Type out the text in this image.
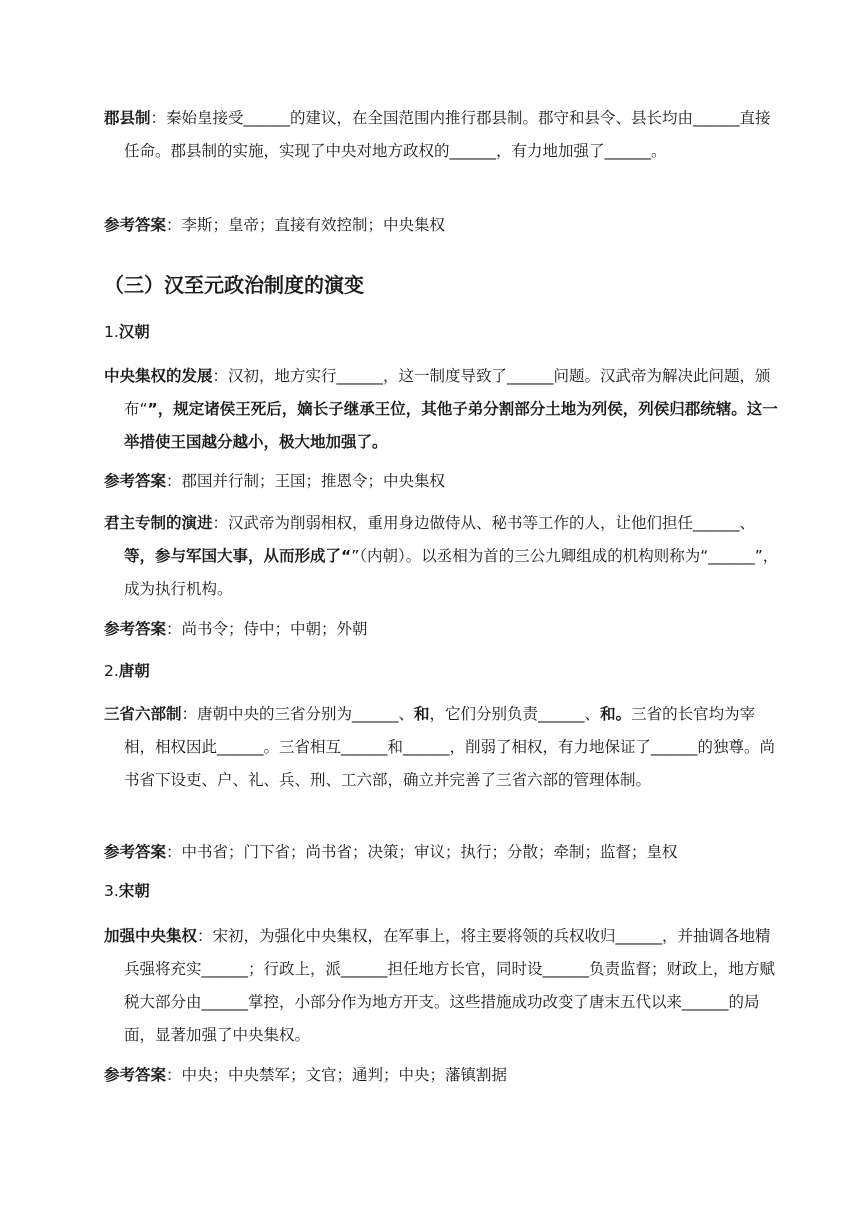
郡县制：秦始皇接受______的建议，在全国范围内推行郡县制。郡守和县令、县长均由______直接任命。郡县制的实施，实现了中央对地方政权的______，有力地加强了______。

参考答案：李斯；皇帝；直接有效控制；中央集权

（三）汉至元政治制度的演变

1.汉朝

中央集权的发展：汉初，地方实行______，这一制度导致了______问题。汉武帝为解决此问题，颁布“”，规定诸侯王死后，嫡长子继承王位，其他子弟分割部分土地为列侯，列侯归郡统辖。这一举措使王国越分越小，极大地加强了。

参考答案：郡国并行制；王国；推恩令；中央集权

君主专制的演进：汉武帝为削弱相权，重用身边做侍从、秘书等工作的人，让他们担任______、等，参与军国大事，从而形成了“”（内朝）。以丞相为首的三公九卿组成的机构则称为“______”，成为执行机构。

参考答案：尚书令；侍中；中朝；外朝

2.唐朝

三省六部制：唐朝中央的三省分别为______、和，它们分别负责______、和。三省的长官均为宰相，相权因此______。三省相互______和______，削弱了相权，有力地保证了______的独尊。尚书省下设吏、户、礼、兵、刑、工六部，确立并完善了三省六部的管理体制。

参考答案：中书省；门下省；尚书省；决策；审议；执行；分散；牵制；监督；皇权

3.宋朝

加强中央集权：宋初，为强化中央集权，在军事上，将主要将领的兵权收归______，并抽调各地精兵强将充实______；行政上，派______担任地方长官，同时设______负责监督；财政上，地方赋税大部分由______掌控，小部分作为地方开支。这些措施成功改变了唐末五代以来______的局面，显著加强了中央集权。

参考答案：中央；中央禁军；文官；通判；中央；藩镇割据
